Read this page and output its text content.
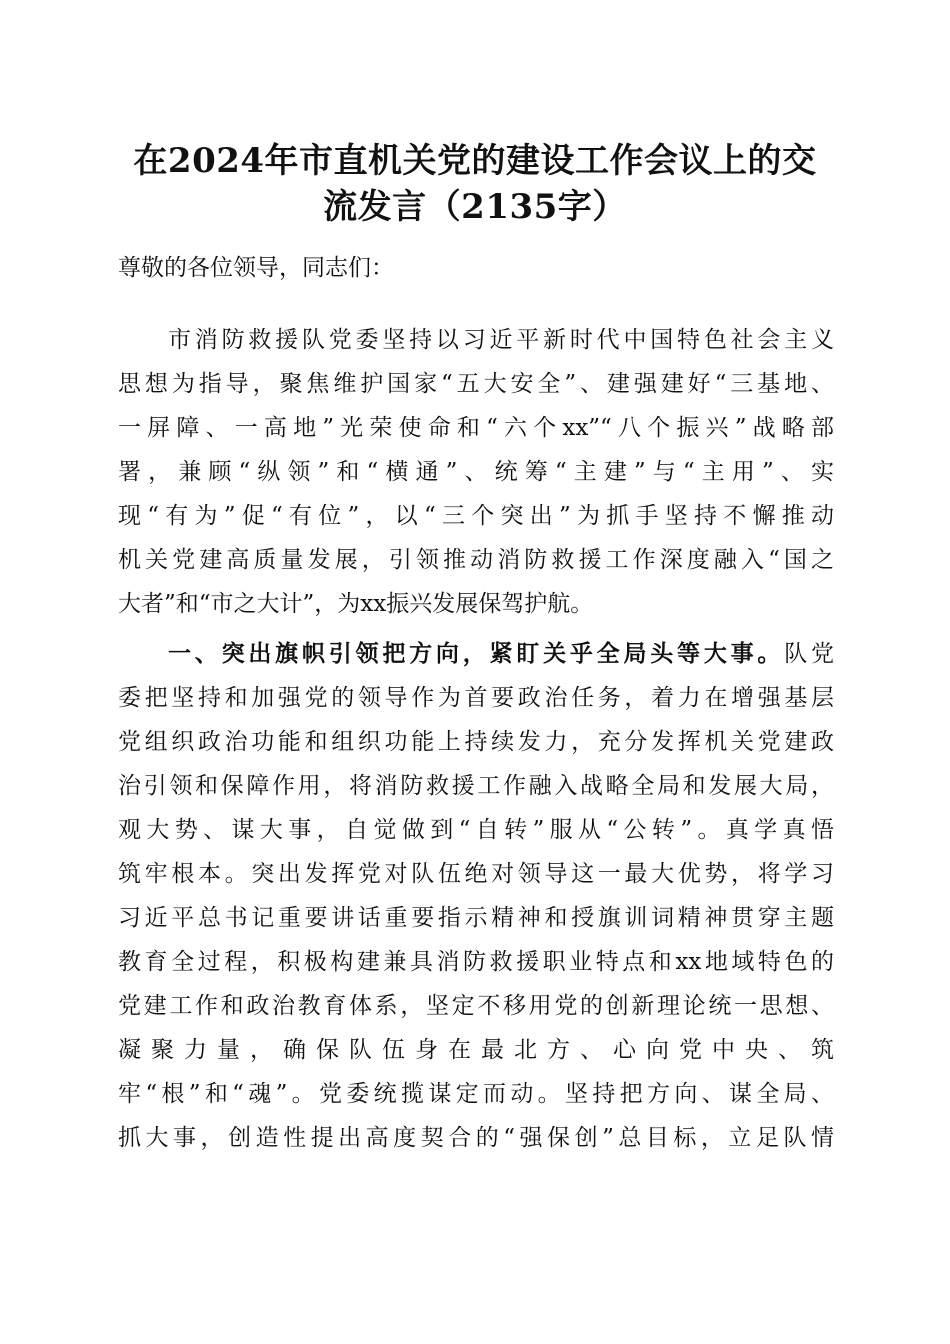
在2024年市直机关党的建设工作会议上的交
流发言（2135字）
尊敬的各位领导，同志们：
市消防救援队党委坚持以习近平新时代中国特色社会主义
思想为指导，聚焦维护国家“五大安全”、建强建好“三基地、
一屏障、一高地”光荣使命和“六个xx”“八个振兴”战略部
署，兼顾“纵领”和“横通”、统筹“主建”与“主用”、实
现“有为”促“有位”，以“三个突出”为抓手坚持不懈推动
机关党建高质量发展，引领推动消防救援工作深度融入“国之
大者”和“市之大计”，为xx振兴发展保驾护航。
一、突出旗帜引领把方向，紧盯关乎全局头等大事。队党
委把坚持和加强党的领导作为首要政治任务，着力在增强基层
党组织政治功能和组织功能上持续发力，充分发挥机关党建政
治引领和保障作用，将消防救援工作融入战略全局和发展大局，
观大势、谋大事，自觉做到“自转”服从“公转”。真学真悟
筑牢根本。突出发挥党对队伍绝对领导这一最大优势，将学习
习近平总书记重要讲话重要指示精神和授旗训词精神贯穿主题
教育全过程，积极构建兼具消防救援职业特点和xx地域特色的
党建工作和政治教育体系，坚定不移用党的创新理论统一思想、
凝聚力量，确保队伍身在最北方、心向党中央、筑
牢“根”和“魂”。党委统揽谋定而动。坚持把方向、谋全局、
抓大事，创造性提出高度契合的“强保创”总目标，立足队情
